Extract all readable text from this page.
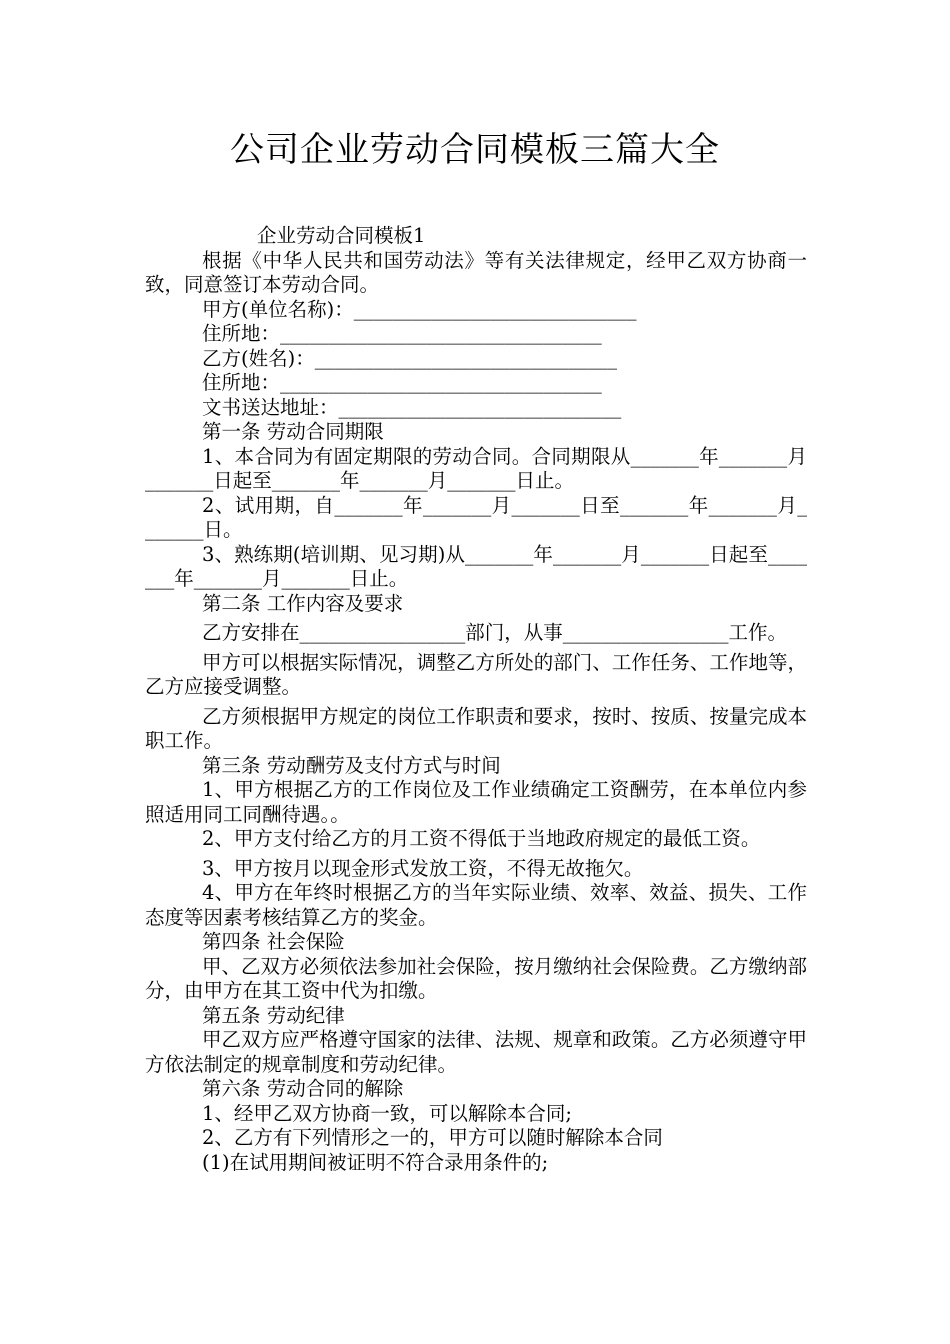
公司企业劳动合同模板三篇大全

企业劳动合同模板1

根据《中华人民共和国劳动法》等有关法律规定，经甲乙双方协商一致，同意签订本劳动合同。

甲方(单位名称)：_____________________________

住所地：_________________________________

乙方(姓名)：_______________________________

住所地：_________________________________

文书送达地址：_____________________________

第一条 劳动合同期限

1、本合同为有固定期限的劳动合同。合同期限从_______年_______月_______日起至_______年_______月_______日止。

2、试用期，自_______年_______月_______日至_______年_______月_______日。

3、熟练期(培训期、见习期)从_______年_______月_______日起至_______年_______月_______日止。

第二条 工作内容及要求

乙方安排在_________________部门，从事_________________工作。

甲方可以根据实际情况，调整乙方所处的部门、工作任务、工作地等，乙方应接受调整。

乙方须根据甲方规定的岗位工作职责和要求，按时、按质、按量完成本职工作。

第三条 劳动酬劳及支付方式与时间

1、甲方根据乙方的工作岗位及工作业绩确定工资酬劳，在本单位内参照适用同工同酬待遇。。

2、甲方支付给乙方的月工资不得低于当地政府规定的最低工资。

3、甲方按月以现金形式发放工资，不得无故拖欠。

4、甲方在年终时根据乙方的当年实际业绩、效率、效益、损失、工作态度等因素考核结算乙方的奖金。

第四条 社会保险

甲、乙双方必须依法参加社会保险，按月缴纳社会保险费。乙方缴纳部分，由甲方在其工资中代为扣缴。

第五条 劳动纪律

甲乙双方应严格遵守国家的法律、法规、规章和政策。乙方必须遵守甲方依法制定的规章制度和劳动纪律。

第六条 劳动合同的解除

1、经甲乙双方协商一致，可以解除本合同;

2、乙方有下列情形之一的，甲方可以随时解除本合同

(1)在试用期间被证明不符合录用条件的;
